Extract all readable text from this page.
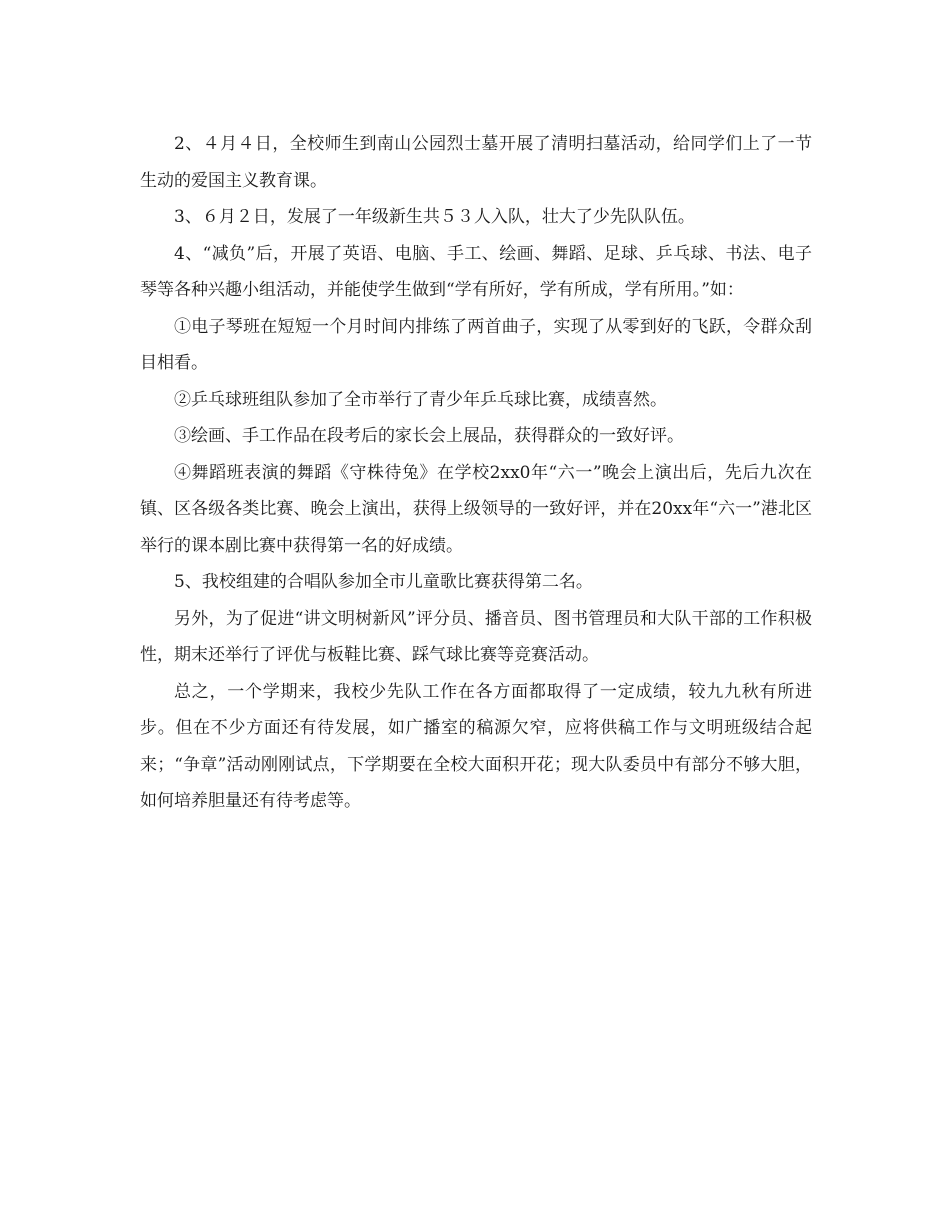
2、４月４日，全校师生到南山公园烈士墓开展了清明扫墓活动，给同学们上了一节生动的爱国主义教育课。

3、６月２日，发展了一年级新生共５３人入队，壮大了少先队队伍。

4、“减负”后，开展了英语、电脑、手工、绘画、舞蹈、足球、乒乓球、书法、电子琴等各种兴趣小组活动，并能使学生做到“学有所好，学有所成，学有所用。”如：

①电子琴班在短短一个月时间内排练了两首曲子，实现了从零到好的飞跃，令群众刮目相看。

②乒乓球班组队参加了全市举行了青少年乒乓球比赛，成绩喜然。

③绘画、手工作品在段考后的家长会上展品，获得群众的一致好评。

④舞蹈班表演的舞蹈《守株待兔》在学校2xx0年“六一”晚会上演出后，先后九次在镇、区各级各类比赛、晚会上演出，获得上级领导的一致好评，并在20xx年“六一”港北区举行的课本剧比赛中获得第一名的好成绩。

5、我校组建的合唱队参加全市儿童歌比赛获得第二名。

另外，为了促进“讲文明树新风”评分员、播音员、图书管理员和大队干部的工作积极性，期末还举行了评优与板鞋比赛、踩气球比赛等竞赛活动。

总之，一个学期来，我校少先队工作在各方面都取得了一定成绩，较九九秋有所进步。但在不少方面还有待发展，如广播室的稿源欠窄，应将供稿工作与文明班级结合起来；“争章”活动刚刚试点，下学期要在全校大面积开花；现大队委员中有部分不够大胆，如何培养胆量还有待考虑等。
